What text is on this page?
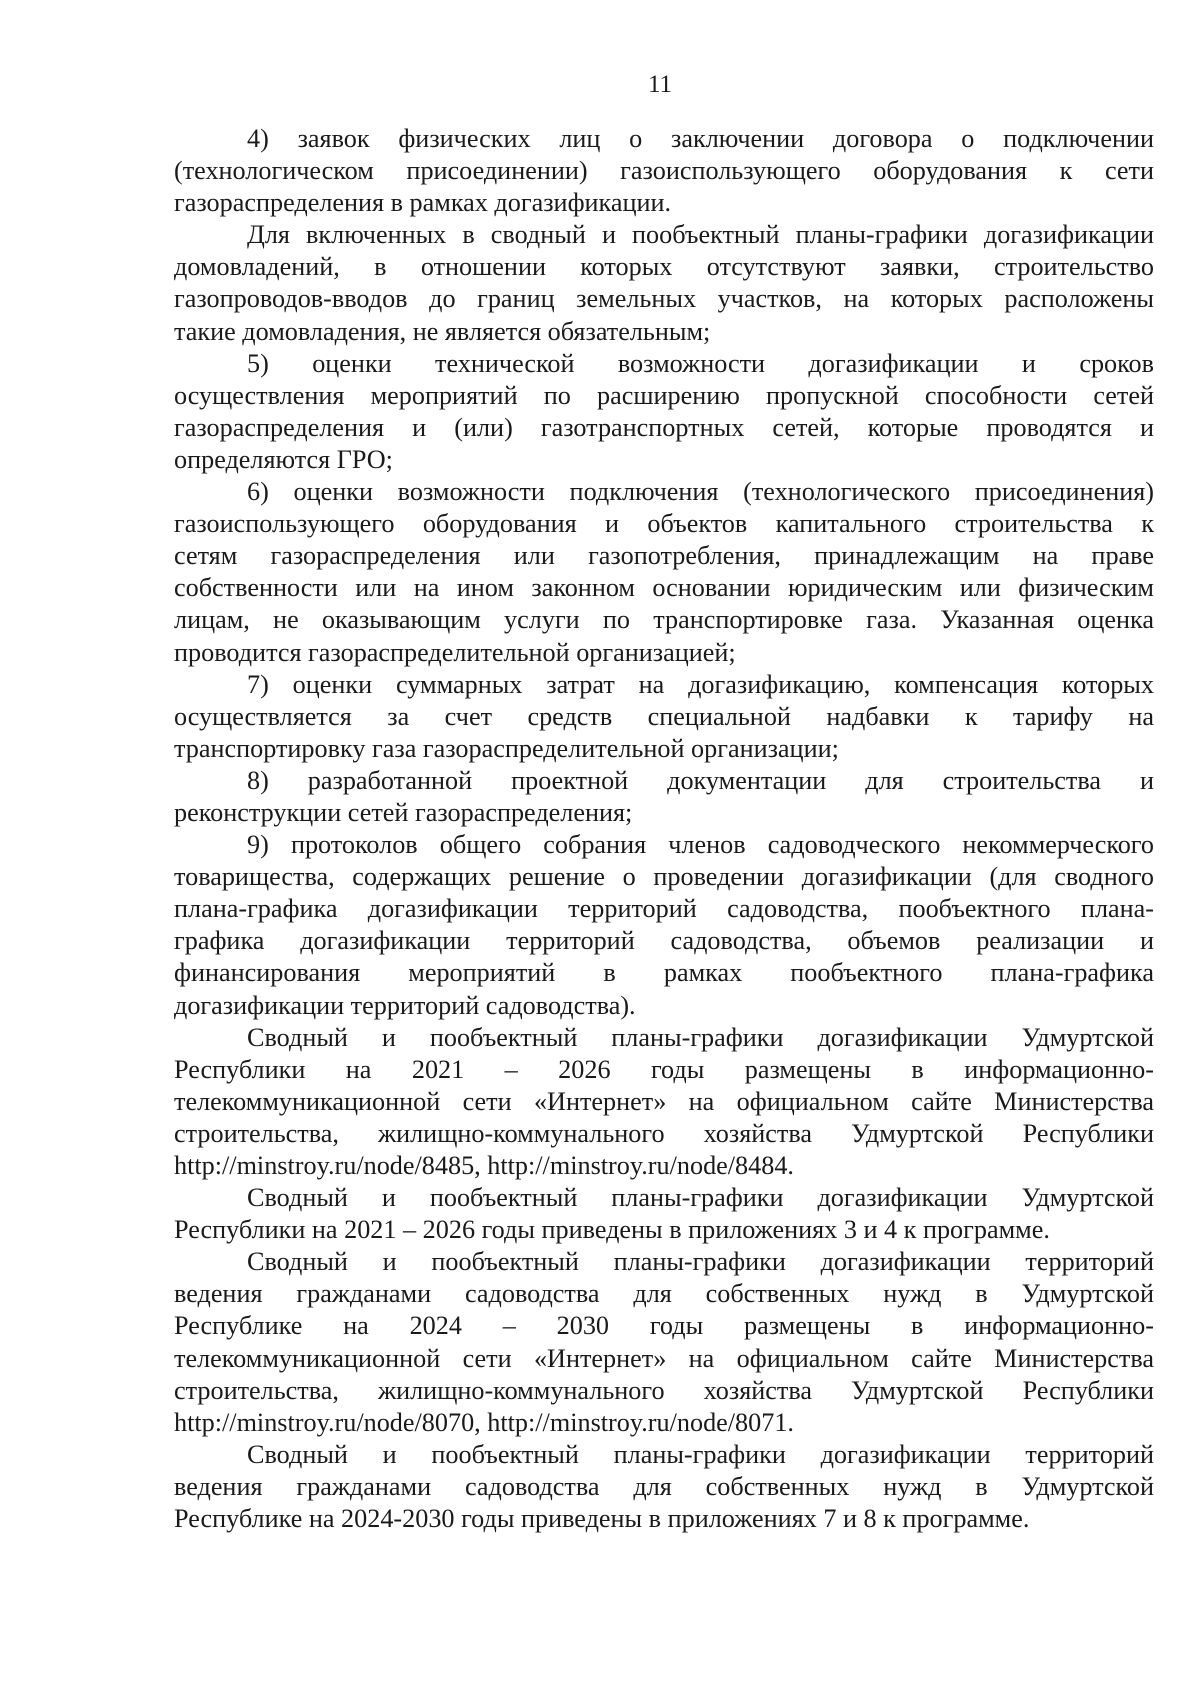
11
4) заявок физических лиц о заключении договора о подключении
(технологическом присоединении) газоиспользующего оборудования к сети
газораспределения в рамках догазификации.
Для включенных в сводный и пообъектный планы-графики догазификации
домовладений, в отношении которых отсутствуют заявки, строительство
газопроводов-вводов до границ земельных участков, на которых расположены
такие домовладения, не является обязательным;
5) оценки технической возможности догазификации и сроков
осуществления мероприятий по расширению пропускной способности сетей
газораспределения и (или) газотранспортных сетей, которые проводятся и
определяются ГРО;
6) оценки возможности подключения (технологического присоединения)
газоиспользующего оборудования и объектов капитального строительства к
сетям газораспределения или газопотребления, принадлежащим на праве
собственности или на ином законном основании юридическим или физическим
лицам, не оказывающим услуги по транспортировке газа. Указанная оценка
проводится газораспределительной организацией;
7) оценки суммарных затрат на догазификацию, компенсация которых
осуществляется за счет средств специальной надбавки к тарифу на
транспортировку газа газораспределительной организации;
8) разработанной проектной документации для строительства и
реконструкции сетей газораспределения;
9) протоколов общего собрания членов садоводческого некоммерческого
товарищества, содержащих решение о проведении догазификации (для сводного
плана-графика догазификации территорий садоводства, пообъектного плана-
графика догазификации территорий садоводства, объемов реализации и
финансирования мероприятий в рамках пообъектного плана-графика
догазификации территорий садоводства).
Сводный и пообъектный планы-графики догазификации Удмуртской
Республики на 2021 – 2026 годы размещены в информационно-
телекоммуникационной сети «Интернет» на официальном сайте Министерства
строительства, жилищно-коммунального хозяйства Удмуртской Республики
http://minstroy.ru/node/8485, http://minstroy.ru/node/8484.
Сводный и пообъектный планы-графики догазификации Удмуртской
Республики на 2021 – 2026 годы приведены в приложениях 3 и 4 к программе.
Сводный и пообъектный планы-графики догазификации территорий
ведения гражданами садоводства для собственных нужд в Удмуртской
Республике на 2024 – 2030 годы размещены в информационно-
телекоммуникационной сети «Интернет» на официальном сайте Министерства
строительства, жилищно-коммунального хозяйства Удмуртской Республики
http://minstroy.ru/node/8070, http://minstroy.ru/node/8071.
Сводный и пообъектный планы-графики догазификации территорий
ведения гражданами садоводства для собственных нужд в Удмуртской
Республике на 2024-2030 годы приведены в приложениях 7 и 8 к программе.
